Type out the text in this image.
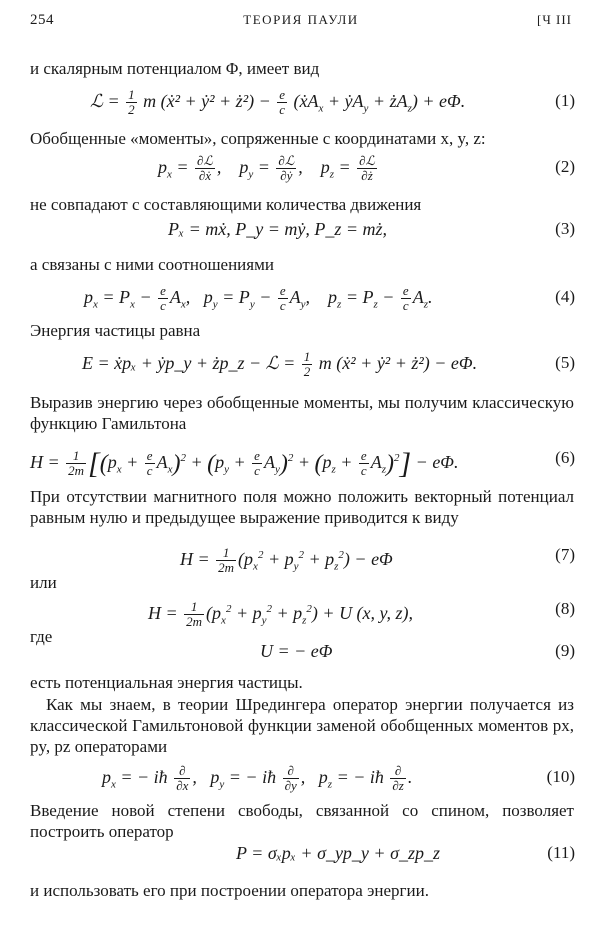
254	ТЕОРИЯ ПАУЛИ	[Ч III
и скалярным потенциалом Φ, имеет вид
ℒ = $\frac{1}{2}$ m (ẋ² + ẏ² + ż²) − $\frac{e}{c}$ (ẋA$_x$ + ẏA$_y$ + $żA_z) + e\Phi$.	(1)
Обобщенные «моменты», сопряженные с координатами x, y, z:
$p_x$ = ∂ℒ
∂ẋ ,    $p_y$ = ∂ℒ
∂ẏ ,    $p_z$ = ∂ℒ
∂ż	(2)
не совпадают с составляющими количества движения
Pₓ = mẋ, P_y = mẏ, P_z = mż,	(3)
а связаны с ними соотношениями
$p_x = P_x - \frac{e}{c} A_x$,   $p_y = P_y - \frac{e}{c} A_y$,    $p_z = P_z - \frac{e}{c} A_z$.	(4)
Энергия частицы равна
E = ẋpₓ + ẏp_y + żp_z − ℒ = $\frac{1}{2}$ m (ẋ² + ẏ² + ż²) − eΦ.	(5)
Выразив энергию через обобщенные моменты, мы получим классическую функцию Гамильтона
$H = \frac{1}{2m} [(p_x + \frac{e}{c} A_x)^2 + (p_y + \frac{e}{c} A_y)^2 + (p_z + \frac{e}{c} A_z)^2] - e\Phi$.	(6)
При отсутствии магнитного поля можно положить векторный потенциал равным нулю и предыдущее выражение приводится к виду
$H = \frac{1}{2m} (p_x^2 + p_y^2 + p_z^2) - e\Phi$	(7)
или
$H = \frac{1}{2m} (p_x^2 + p_y^2 + p_z^2) + U$ (x, y, z),	(8)
где
U = − eΦ	(9)
есть потенциальная энергия частицы.
Как мы знаем, в теории Шредингера оператор энергии получается из классической Гамильтоновой функции заменой обобщенных моментов px, py, pz операторами
$p_x$ = − iħ ∂
∂x ,   $p_y$ = − iħ ∂
∂y ,   $p_z$ = − iħ ∂
∂z .	(10)
Введение новой степени свободы, связанной со спином, позволяет построить оператор
P = σₓpₓ + σ_yp_y + σ_zp_z	(11)
и использовать его при построении оператора энергии.
